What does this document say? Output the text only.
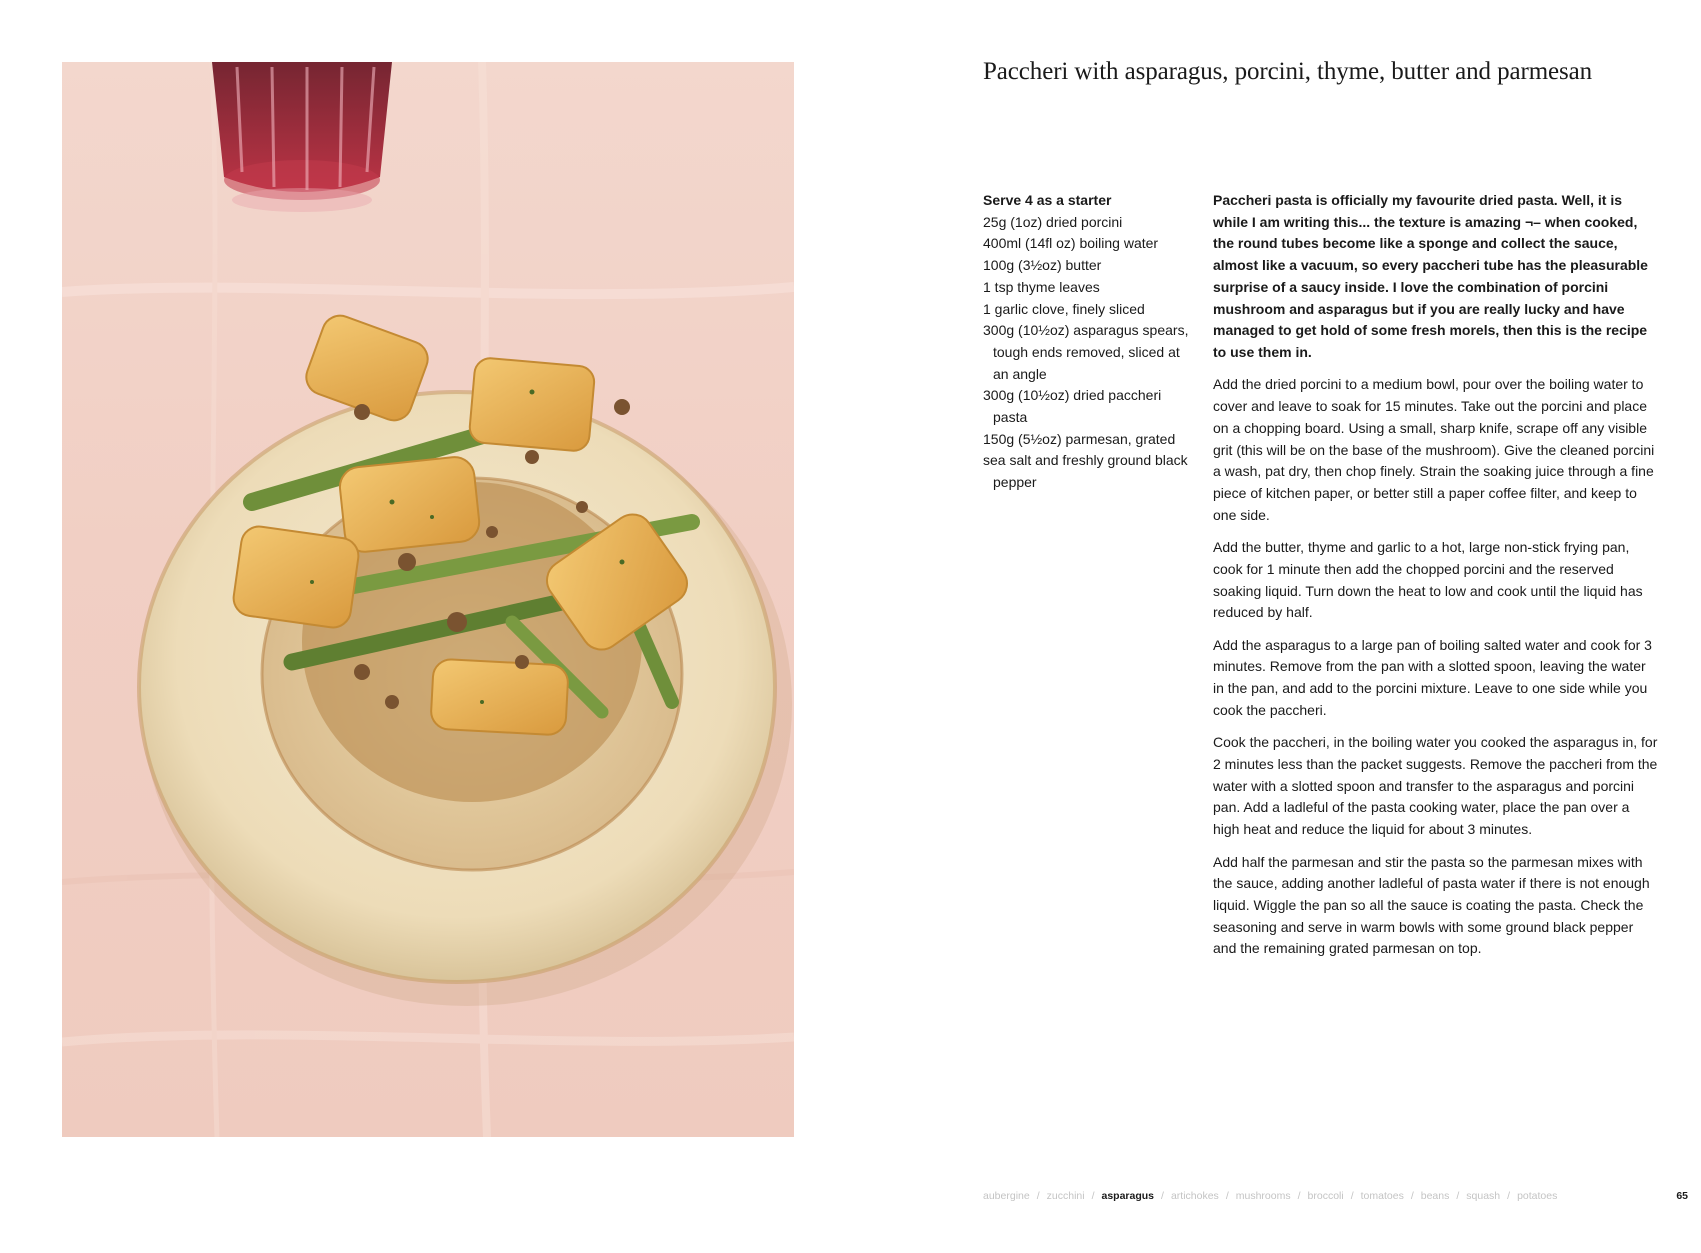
Paccheri with asparagus, porcini, thyme, butter and parmesan

Serve 4 as a starter

25g (1oz) dried porcini
400ml (14fl oz) boiling water
100g (3½oz) butter
1 tsp thyme leaves
1 garlic clove, finely sliced
300g (10½oz) asparagus spears, tough ends removed, sliced at an angle
300g (10½oz) dried paccheri pasta
150g (5½oz) parmesan, grated
sea salt and freshly ground black pepper

Paccheri pasta is officially my favourite dried pasta. Well, it is while I am writing this... the texture is amazing ¬– when cooked, the round tubes become like a sponge and collect the sauce, almost like a vacuum, so every paccheri tube has the pleasurable surprise of a saucy inside. I love the combination of porcini mushroom and asparagus but if you are really lucky and have managed to get hold of some fresh morels, then this is the recipe to use them in.

Add the dried porcini to a medium bowl, pour over the boiling water to cover and leave to soak for 15 minutes. Take out the porcini and place on a chopping board. Using a small, sharp knife, scrape off any visible grit (this will be on the base of the mushroom). Give the cleaned porcini a wash, pat dry, then chop finely. Strain the soaking juice through a fine piece of kitchen paper, or better still a paper coffee filter, and keep to one side.

Add the butter, thyme and garlic to a hot, large non-stick frying pan, cook for 1 minute then add the chopped porcini and the reserved soaking liquid. Turn down the heat to low and cook until the liquid has reduced by half.

Add the asparagus to a large pan of boiling salted water and cook for 3 minutes. Remove from the pan with a slotted spoon, leaving the water in the pan, and add to the porcini mixture. Leave to one side while you cook the paccheri.

Cook the paccheri, in the boiling water you cooked the asparagus in, for 2 minutes less than the packet suggests. Remove the paccheri from the water with a slotted spoon and transfer to the asparagus and porcini pan. Add a ladleful of the pasta cooking water, place the pan over a high heat and reduce the liquid for about 3 minutes.

Add half the parmesan and stir the pasta so the parmesan mixes with the sauce, adding another ladleful of pasta water if there is not enough liquid. Wiggle the pan so all the sauce is coating the pasta. Check the seasoning and serve in warm bowls with some ground black pepper and the remaining grated parmesan on top.

aubergine / zucchini / asparagus / artichokes / mushrooms / broccoli / tomatoes / beans / squash / potatoes	65
